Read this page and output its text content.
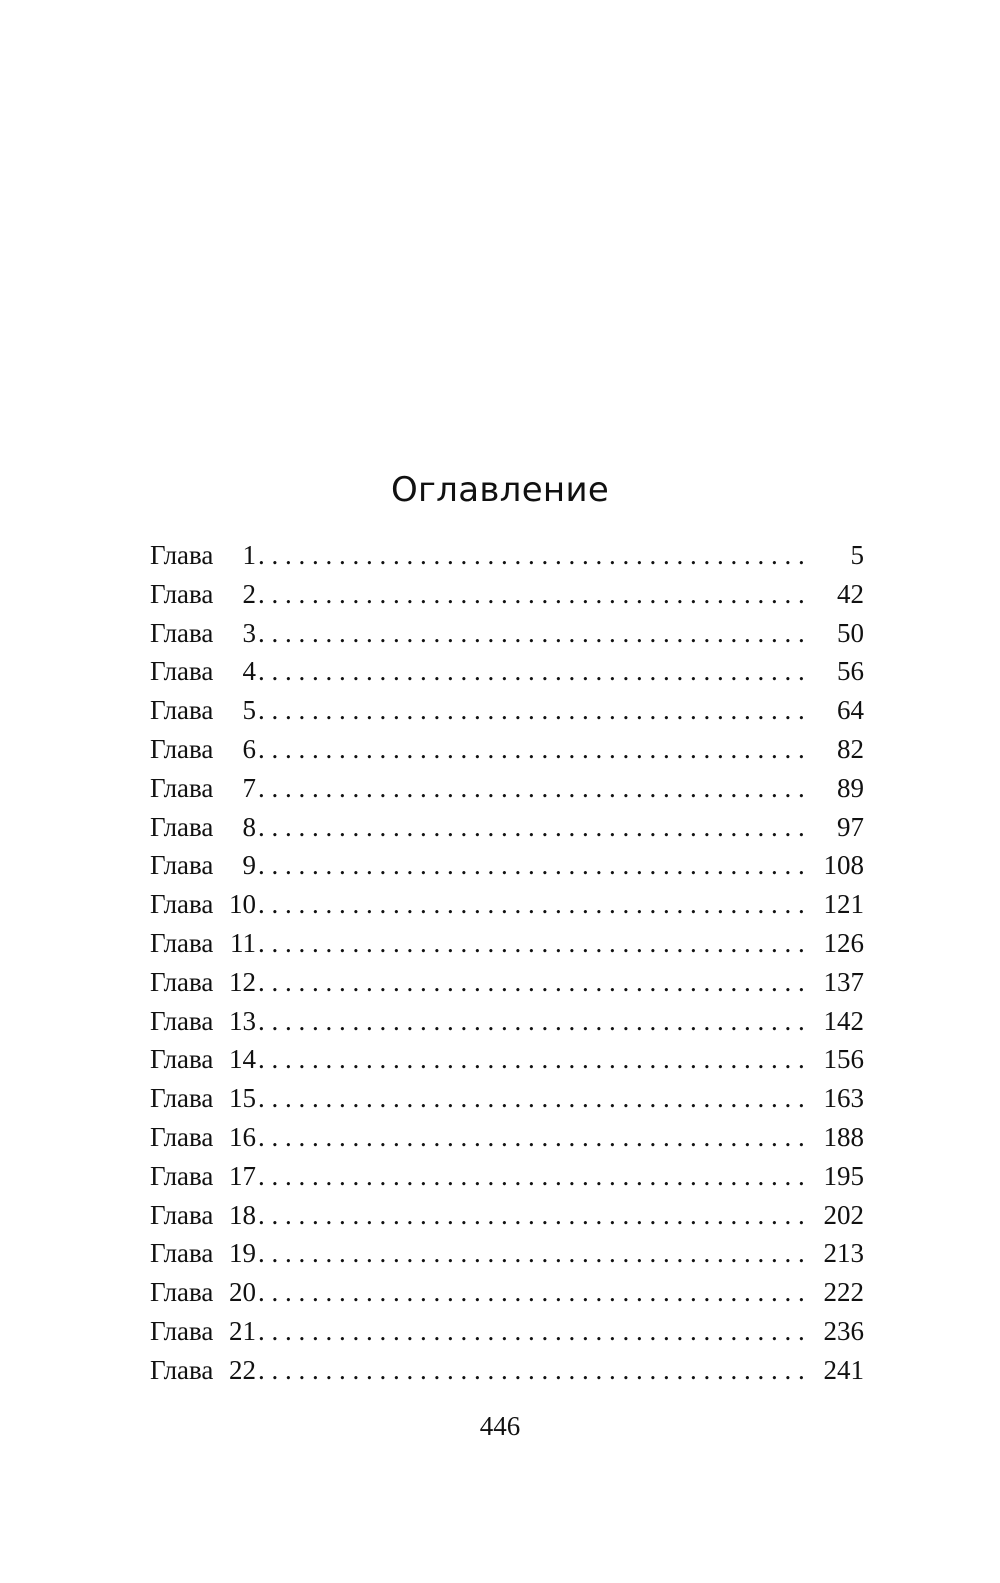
Оглавление
Глава	1 . . .	5
Глава	2 . . .	42
Глава	3 . . .	50
Глава	4 . . .	56
Глава	5 . . .	64
Глава	6 . . .	82
Глава	7 . . .	89
Глава	8 . . .	97
Глава	9 . . .	108
Глава 10 . . .	121
Глава 11 . . .	126
Глава 12 . . .	137
Глава 13 . . .	142
Глава 14 . . .	156
Глава 15 . . .	163
Глава 16 . . .	188
Глава 17 . . .	195
Глава 18 . . .	202
Глава 19 . . .	213
Глава 20 . . .	222
Глава 21 . . .	236
Глава 22 . . .	241
446
